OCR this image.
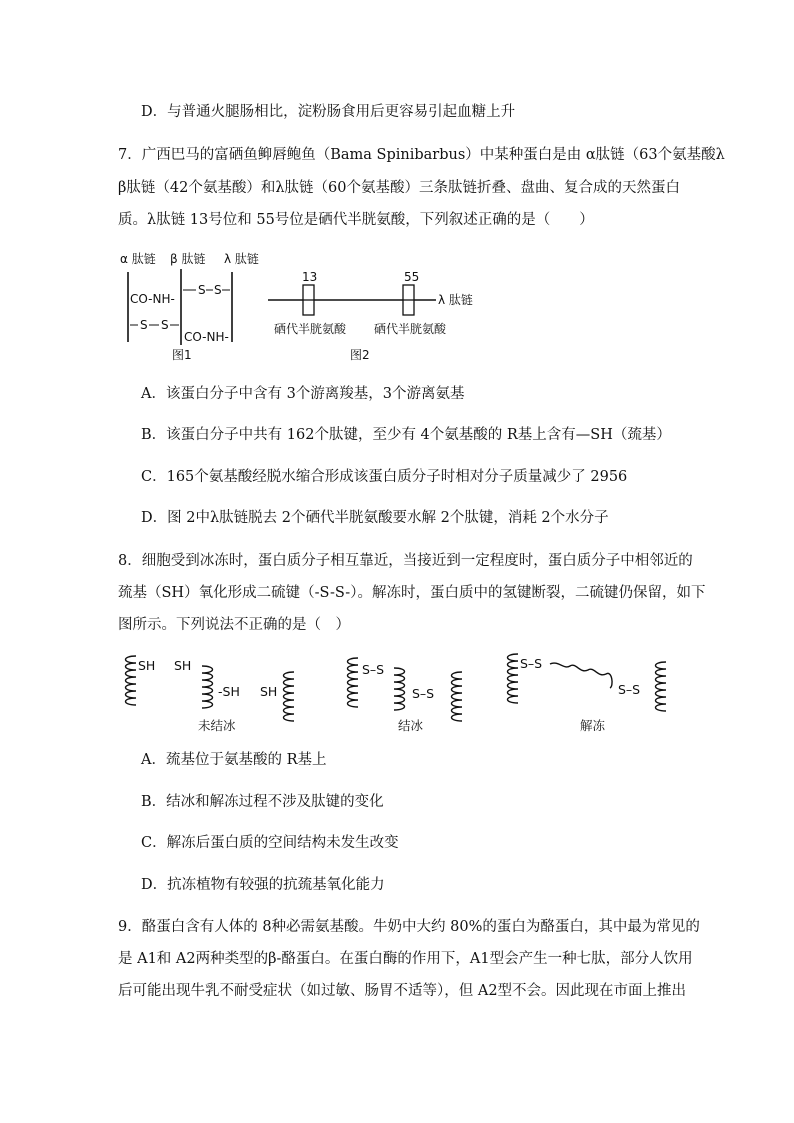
D．与普通火腿肠相比，淀粉肠食用后更容易引起血糖上升
7．广西巴马的富硒鱼䲟唇鲍鱼（Bama Spinibarbus）中某种蛋白是由 α肽链（63个氨基酸λ
β肽链（42个氨基酸）和λ肽链（60个氨基酸）三条肽链折叠、盘曲、复合成的天然蛋白
质。λ肽链 13号位和 55号位是硒代半胱氨酸，下列叙述正确的是（　　）
α 肽链 β 肽链 λ 肽链
CO-NH-
S S
S S
CO-NH-
图1
13	55
λ 肽链
硒代半胱氨酸 硒代半胱氨酸
图2
A．该蛋白分子中含有 3个游离羧基，3个游离氨基
B．该蛋白分子中共有 162个肽键，至少有 4个氨基酸的 R基上含有—SH（巯基）
C．165个氨基酸经脱水缩合形成该蛋白质分子时相对分子质量减少了 2956
D．图 2中λ肽链脱去 2个硒代半胱氨酸要水解 2个肽键，消耗 2个水分子
8．细胞受到冰冻时，蛋白质分子相互靠近，当接近到一定程度时，蛋白质分子中相邻近的
巯基（SH）氧化形成二硫键（-S-S-）。解冻时，蛋白质中的氢键断裂，二硫键仍保留，如下
图所示。下列说法不正确的是（　）
SH SH
-SH SH
未结冰
S–S
S–S
结冰
S–S
S–S
解冻
A．巯基位于氨基酸的 R基上
B．结冰和解冻过程不涉及肽键的变化
C．解冻后蛋白质的空间结构未发生改变
D．抗冻植物有较强的抗巯基氧化能力
9．酪蛋白含有人体的 8种必需氨基酸。牛奶中大约 80%的蛋白为酪蛋白，其中最为常见的
是 A1和 A2两种类型的β-酪蛋白。在蛋白酶的作用下，A1型会产生一种七肽，部分人饮用
后可能出现牛乳不耐受症状（如过敏、肠胃不适等），但 A2型不会。因此现在市面上推出
